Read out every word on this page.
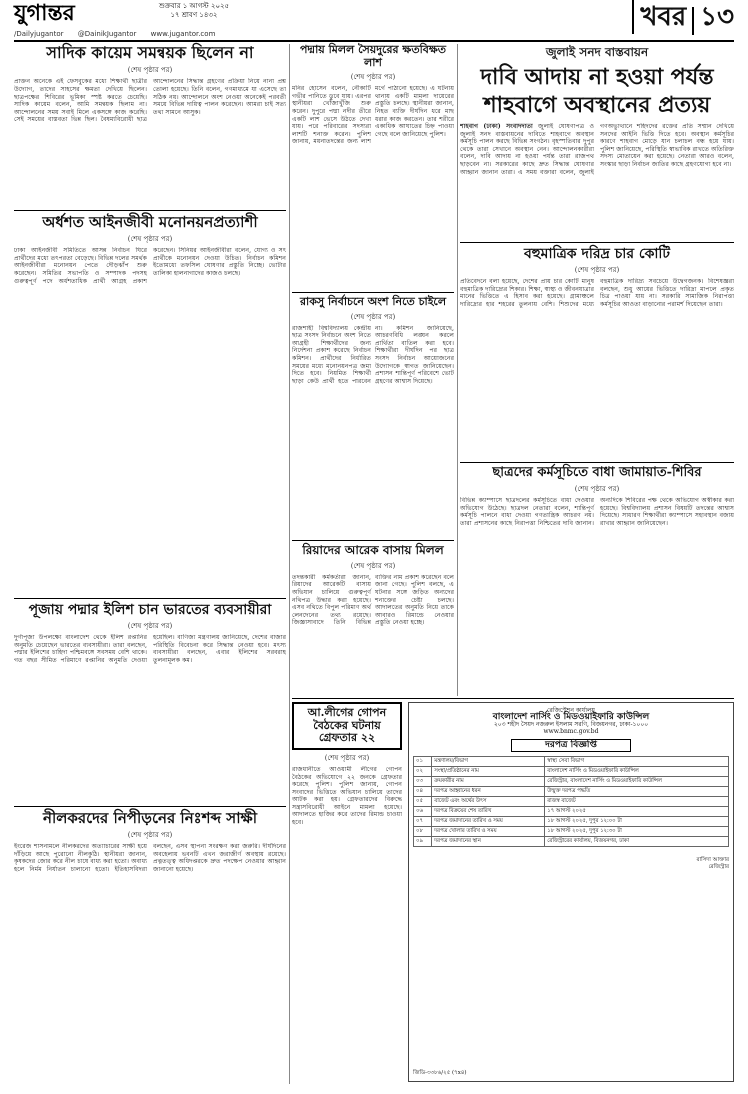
যুগান্তর	শুক্রবার ১ আগস্ট ২০২৫
১৭ শ্রাবণ ১৪৩২
/Dailyjugantor @DainikJugantor www.jugantor.com
খবর ১৩
সাদিক কায়েম সমন্বয়ক ছিলেন না
(শেষ পৃষ্ঠার পর)
প্রাক্তন অনেকে এই ফেসবুকের মধ্যে শিক্ষার্থী ছাত্রীর উদ্যোগ, তাদের সাহসের ক্ষমতা দেখিয়ে ছিলেন। ছাত্রপক্ষের শিবিরের ভূমিকা স্পষ্ট করতে চেয়েছি। সাদিক কায়েম বলেন, আমি সমন্বয়ক ছিলাম না। আন্দোলনের সময় সবাই মিলে একসঙ্গে কাজ করেছি। সেই সময়ের বাস্তবতা ভিন্ন ছিল। বৈষম্যবিরোধী ছাত্র আন্দোলনের সিদ্ধান্ত গ্রহণের প্রক্রিয়া নিয়ে নানা প্রশ্ন তোলা হয়েছে। তিনি বলেন, গণমাধ্যমে যা এসেছে তা সঠিক নয়। আন্দোলনে অংশ নেওয়া অনেকেই পরবর্তী সময়ে বিভিন্ন দায়িত্ব পালন করেছেন। আমরা চাই সত্য তথ্য সামনে আসুক।
পদ্মায় মিলল সৈয়দুরের ক্ষতবিক্ষত লাশ
(শেষ পৃষ্ঠার পর)
মনির হোসেন বলেন, নৌকাটি গভীর পানিতে ডুবে যায়। এরপর স্থানীয়রা খোঁজাখুঁজি শুরু করেন। দুপুরে পদ্মা নদীর তীরে একটি লাশ ভেসে উঠতে দেখা যায়। পরে পরিবারের সদস্যরা লাশটি শনাক্ত করেন। পুলিশ জানায়, ময়নাতদন্তের জন্য লাশ মর্গে পাঠানো হয়েছে। এ ঘটনায় থানায় একটি মামলা দায়েরের প্রস্তুতি চলছে। স্থানীয়রা জানান, নিহত ব্যক্তি দীর্ঘদিন ধরে মাছ ধরার কাজ করতেন। তার শরীরে একাধিক আঘাতের চিহ্ন পাওয়া গেছে বলে জানিয়েছে পুলিশ।
জুলাই সনদ বাস্তবায়ন
দাবি আদায় না হওয়া পর্যন্ত শাহবাগে অবস্থানের প্রত্যয়
শাহবাগ (ঢাকা) সংবাদদাতা জুলাই ঘোষণাপত্র ও জুলাই সনদ বাস্তবায়নের দাবিতে শাহবাগে অবস্থান কর্মসূচি পালন করছে বিভিন্ন সংগঠন। বৃহস্পতিবার দুপুর থেকে তারা সেখানে অবস্থান নেন। আন্দোলনকারীরা বলেন, দাবি আদায় না হওয়া পর্যন্ত তারা রাজপথ ছাড়বেন না। সরকারের কাছে দ্রুত সিদ্ধান্ত ঘোষণার আহ্বান জানান তারা। এ সময় বক্তারা বলেন, জুলাই গণঅভ্যুত্থানে শহিদদের রক্তের প্রতি সম্মান দেখিয়ে সনদের আইনি ভিত্তি দিতে হবে। অবস্থান কর্মসূচির কারণে শাহবাগ মোড়ে যান চলাচল বন্ধ হয়ে যায়। পুলিশ জানিয়েছে, পরিস্থিতি স্বাভাবিক রাখতে অতিরিক্ত সদস্য মোতায়েন করা হয়েছে। নেতারা আরও বলেন, সংস্কার ছাড়া নির্বাচন জাতির কাছে গ্রহণযোগ্য হবে না।
অর্ধশত আইনজীবী মনোনয়নপ্রত্যাশী
(শেষ পৃষ্ঠার পর)
ঢাকা আইনজীবী সমিতিতে আসন্ন নির্বাচন ঘিরে প্রার্থীদের মধ্যে তৎপরতা বেড়েছে। বিভিন্ন দলের সমর্থক আইনজীবীরা মনোনয়ন পেতে দৌড়ঝাঁপ শুরু করেছেন। সমিতির সভাপতি ও সম্পাদক পদসহ গুরুত্বপূর্ণ পদে অর্ধশতাধিক প্রার্থী আগ্রহ প্রকাশ করেছেন। সিনিয়র আইনজীবীরা বলেন, যোগ্য ও সৎ প্রার্থীকে মনোনয়ন দেওয়া উচিত। নির্বাচন কমিশন ইতোমধ্যে তফসিল ঘোষণার প্রস্তুতি নিচ্ছে। ভোটার তালিকা হালনাগাদের কাজও চলছে।
রাকসু নির্বাচনে অংশ নিতে চাইলে
(শেষ পৃষ্ঠার পর)
রাজশাহী বিশ্ববিদ্যালয় কেন্দ্রীয় ছাত্র সংসদ নির্বাচনে অংশ নিতে আগ্রহী শিক্ষার্থীদের জন্য নির্দেশনা প্রকাশ করেছে নির্বাচন কমিশন। প্রার্থীদের নির্ধারিত সময়ের মধ্যে মনোনয়নপত্র জমা দিতে হবে। নিয়মিত শিক্ষার্থী ছাড়া কেউ প্রার্থী হতে পারবেন না। কমিশন জানিয়েছে, আচরণবিধি লঙ্ঘন করলে প্রার্থিতা বাতিল করা হবে। শিক্ষার্থীরা দীর্ঘদিন পর ছাত্র সংসদ নির্বাচন আয়োজনের উদ্যোগকে স্বাগত জানিয়েছেন। প্রশাসন শান্তিপূর্ণ পরিবেশে ভোট গ্রহণের আশ্বাস দিয়েছে।
বহুমাত্রিক দরিদ্র চার কোটি
(শেষ পৃষ্ঠার পর)
প্রতিবেদনে বলা হয়েছে, দেশের প্রায় চার কোটি মানুষ বহুমাত্রিক দারিদ্র্যের শিকার। শিক্ষা, স্বাস্থ্য ও জীবনযাত্রার মানের ভিত্তিতে এ হিসাব করা হয়েছে। গ্রামাঞ্চলে দারিদ্র্যের হার শহরের তুলনায় বেশি। শিশুদের মধ্যে বহুমাত্রিক দারিদ্র্য সবচেয়ে উদ্বেগজনক। বিশেষজ্ঞরা বলছেন, শুধু আয়ের ভিত্তিতে দারিদ্র্য মাপলে প্রকৃত চিত্র পাওয়া যায় না। সরকারি সামাজিক নিরাপত্তা কর্মসূচির আওতা বাড়ানোর পরামর্শ দিয়েছেন তারা।
ছাত্রদের কর্মসূচিতে বাধা জামায়াত-শিবির
(শেষ পৃষ্ঠার পর)
বিভিন্ন ক্যাম্পাসে ছাত্রদলের কর্মসূচিতে বাধা দেওয়ার অভিযোগ উঠেছে। ছাত্রদল নেতারা বলেন, শান্তিপূর্ণ কর্মসূচি পালনে বাধা দেওয়া গণতান্ত্রিক আচরণ নয়। তারা প্রশাসনের কাছে নিরাপত্তা নিশ্চিতের দাবি জানান। অন্যদিকে শিবিরের পক্ষ থেকে অভিযোগ অস্বীকার করা হয়েছে। বিশ্ববিদ্যালয় প্রশাসন বিষয়টি তদন্তের আশ্বাস দিয়েছে। সাধারণ শিক্ষার্থীরা ক্যাম্পাসে সহাবস্থান বজায় রাখার আহ্বান জানিয়েছেন।
রিয়াদের আরেক বাসায় মিলল
(শেষ পৃষ্ঠার পর)
তদন্তকারী কর্মকর্তারা জানান, রিয়াদের আরেকটি বাসায় অভিযান চালিয়ে গুরুত্বপূর্ণ নথিপত্র উদ্ধার করা হয়েছে। এসব নথিতে বিপুল পরিমাণ অর্থ লেনদেনের তথ্য রয়েছে। জিজ্ঞাসাবাদে তিনি বিভিন্ন ব্যক্তির নাম প্রকাশ করেছেন বলে জানা গেছে। পুলিশ বলছে, এ ঘটনার সঙ্গে জড়িত অন্যদের শনাক্তের চেষ্টা চলছে। আদালতের অনুমতি নিয়ে তাকে আবারও রিমান্ডে নেওয়ার প্রস্তুতি নেওয়া হচ্ছে।
পূজায় পদ্মার ইলিশ চান ভারতের ব্যবসায়ীরা
(শেষ পৃষ্ঠার পর)
দুর্গাপূজা উপলক্ষ্যে বাংলাদেশ থেকে ইলিশ রপ্তানির অনুমতি চেয়েছেন ভারতের ব্যবসায়ীরা। তারা বলছেন, পদ্মার ইলিশের চাহিদা পশ্চিমবঙ্গে সবসময় বেশি থাকে। গত বছর সীমিত পরিমাণে রপ্তানির অনুমতি দেওয়া হয়েছিল। বাণিজ্য মন্ত্রণালয় জানিয়েছে, দেশের বাজার পরিস্থিতি বিবেচনা করে সিদ্ধান্ত নেওয়া হবে। মৎস্য ব্যবসায়ীরা বলছেন, এবার ইলিশের সরবরাহ তুলনামূলক কম।
আ.লীগের গোপন বৈঠকের ঘটনায় গ্রেফতার ২২
(শেষ পৃষ্ঠার পর)
রাজধানীতে আওয়ামী লীগের গোপন বৈঠকের অভিযোগে ২২ জনকে গ্রেফতার করেছে পুলিশ। পুলিশ জানায়, গোপন সংবাদের ভিত্তিতে অভিযান চালিয়ে তাদের আটক করা হয়। গ্রেফতারদের বিরুদ্ধে সন্ত্রাসবিরোধী আইনে মামলা হয়েছে। আদালতে হাজির করে তাদের রিমান্ড চাওয়া হবে।
রেজিস্ট্রেশন কার্যালয়
বাংলাদেশ নার্সিং ও মিডওয়াইফারি কাউন্সিল
২০৩ শহীদ সৈয়দ নজরুল ইসলাম সরণি, বিজয়নগর, ঢাকা-১০০০
www.bnmc.gov.bd
দরপত্র বিজ্ঞপ্তি
০১	মন্ত্রণালয়/বিভাগ	স্বাস্থ্য সেবা বিভাগ
০২	সংস্থা/প্রতিষ্ঠানের নাম	বাংলাদেশ নার্সিং ও মিডওয়াইফারি কাউন্সিল
০৩	ক্রয়কারীর নাম	রেজিস্ট্রার, বাংলাদেশ নার্সিং ও মিডওয়াইফারি কাউন্সিল
০৪	দরপত্র আহ্বানের ধরন	উন্মুক্ত দরপত্র পদ্ধতি
০৫	বাজেট এবং অর্থের উৎস	রাজস্ব বাজেট
০৬	দরপত্র বিক্রয়ের শেষ তারিখ	১৭ আগস্ট ২০২৫
০৭	দরপত্র জমাদানের তারিখ ও সময়	১৮ আগস্ট ২০২৫, দুপুর ১২:০০ টা
০৮	দরপত্র খোলার তারিখ ও সময়	১৮ আগস্ট ২০২৫, দুপুর ১২:৩০ টা
০৯	দরপত্র জমাদানের স্থান	রেজিস্ট্রারের কার্যালয়, বিজয়নগর, ঢাকা
রাসিদা আক্তার
রেজিস্ট্রার
জিডি-৩৩৮৬/২৫ (৭x৪)
নীলকরদের নিপীড়নের নিঃশব্দ সাক্ষী
(শেষ পৃষ্ঠার পর)
ইংরেজ শাসনামলে নীলকরদের অত্যাচারের সাক্ষী হয়ে দাঁড়িয়ে আছে পুরোনো নীলকুঠি। স্থানীয়রা জানান, কৃষকদের জোর করে নীল চাষে বাধ্য করা হতো। অবাধ্য হলে নির্মম নির্যাতন চালানো হতো। ইতিহাসবিদরা বলছেন, এসব স্থাপনা সংরক্ষণ করা জরুরি। দীর্ঘদিনের অবহেলায় ভবনটি এখন জরাজীর্ণ অবস্থায় রয়েছে। প্রত্নতত্ত্ব অধিদপ্তরকে দ্রুত পদক্ষেপ নেওয়ার আহ্বান জানানো হয়েছে।
